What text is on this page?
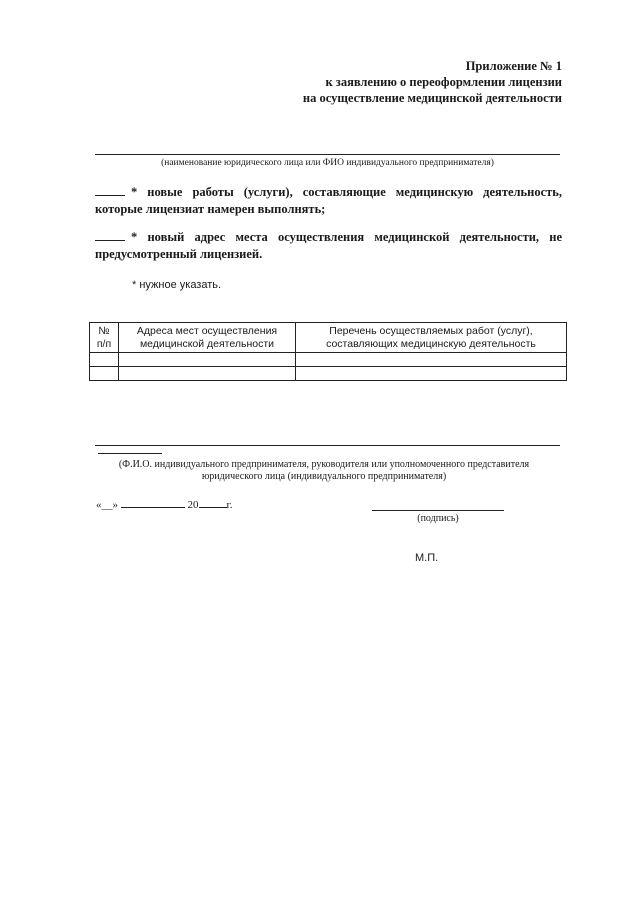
Приложение № 1
к заявлению о переоформлении лицензии
на осуществление медицинской деятельности
(наименование юридического лица или ФИО индивидуального предпринимателя)
* новые работы (услуги), составляющие медицинскую деятельность, которые лицензиат намерен выполнять;
* новый адрес места осуществления медицинской деятельности, не предусмотренный лицензией.
* нужное указать.
№ п/п	Адреса мест осуществления медицинской деятельности	Перечень осуществляемых работ (услуг), составляющих медицинскую деятельность

(Ф.И.О. индивидуального предпринимателя, руководителя или уполномоченного представителя юридического лица (индивидуального предпринимателя)
«__»	20	г.
(подпись)
М.П.
